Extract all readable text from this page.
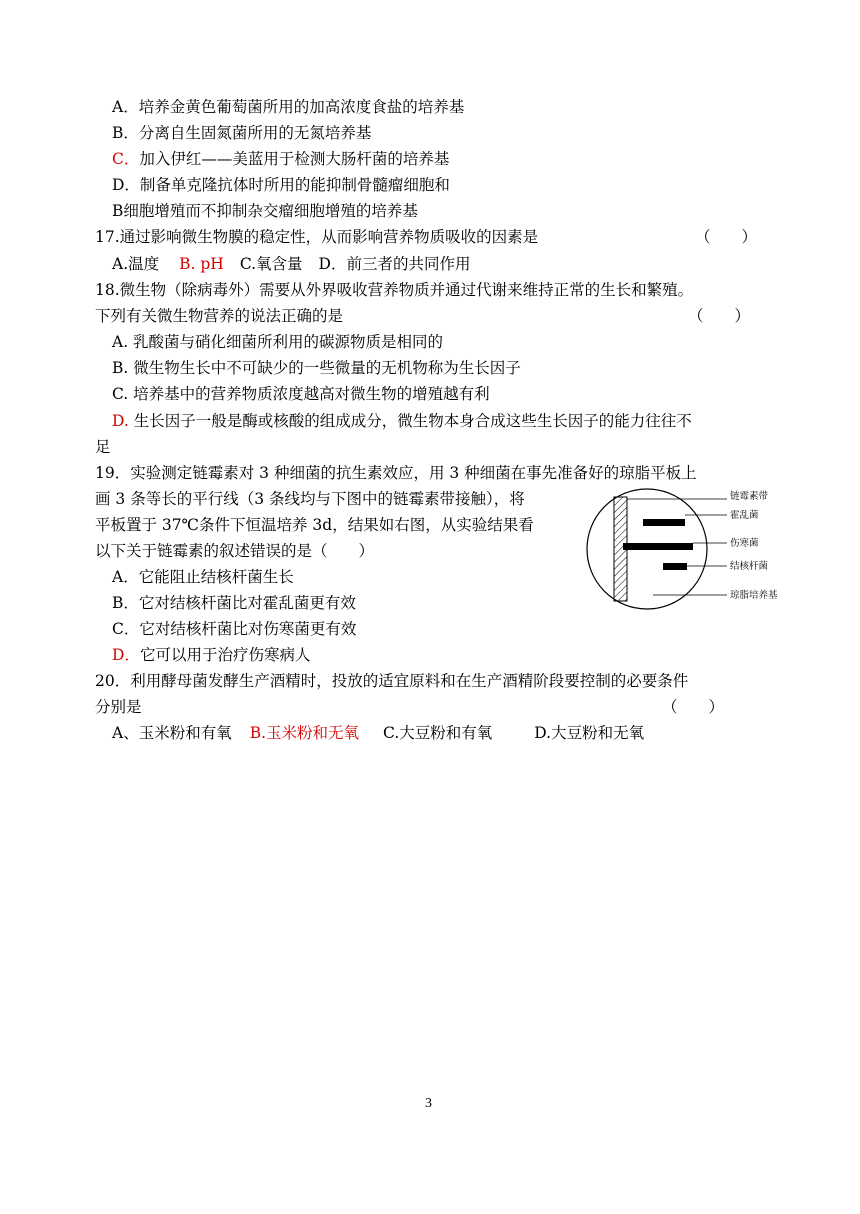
A．培养金黄色葡萄菌所用的加高浓度食盐的培养基
B．分离自生固氮菌所用的无氮培养基
C．加入伊红——美蓝用于检测大肠杆菌的培养基
D．制备单克隆抗体时所用的能抑制骨髓瘤细胞和
B细胞增殖而不抑制杂交瘤细胞增殖的培养基
17.通过影响微生物膜的稳定性，从而影响营养物质吸收的因素是	（　　）
A.温度 B. pH C.氧含量 D．前三者的共同作用
18.微生物（除病毒外）需要从外界吸收营养物质并通过代谢来维持正常的生长和繁殖。
下列有关微生物营养的说法正确的是	（　　）
A. 乳酸菌与硝化细菌所利用的碳源物质是相同的
B. 微生物生长中不可缺少的一些微量的无机物称为生长因子
C. 培养基中的营养物质浓度越高对微生物的增殖越有利
D. 生长因子一般是酶或核酸的组成成分，微生物本身合成这些生长因子的能力往往不
足
19．实验测定链霉素对 3 种细菌的抗生素效应，用 3 种细菌在事先准备好的琼脂平板上
画 3 条等长的平行线（3 条线均与下图中的链霉素带接触），将
平板置于 37℃条件下恒温培养 3d，结果如右图，从实验结果看
以下关于链霉素的叙述错误的是（　　）
A．它能阻止结核杆菌生长
B．它对结核杆菌比对霍乱菌更有效
C．它对结核杆菌比对伤寒菌更有效
D．它可以用于治疗伤寒病人
链霉素带
霍乱菌
伤寒菌
结核杆菌
琼脂培养基
20．利用酵母菌发酵生产酒精时，投放的适宜原料和在生产酒精阶段要控制的必要条件
分别是	（　　）
A、玉米粉和有氧 B.玉米粉和无氧 C.大豆粉和有氧	D.大豆粉和无氧
3
